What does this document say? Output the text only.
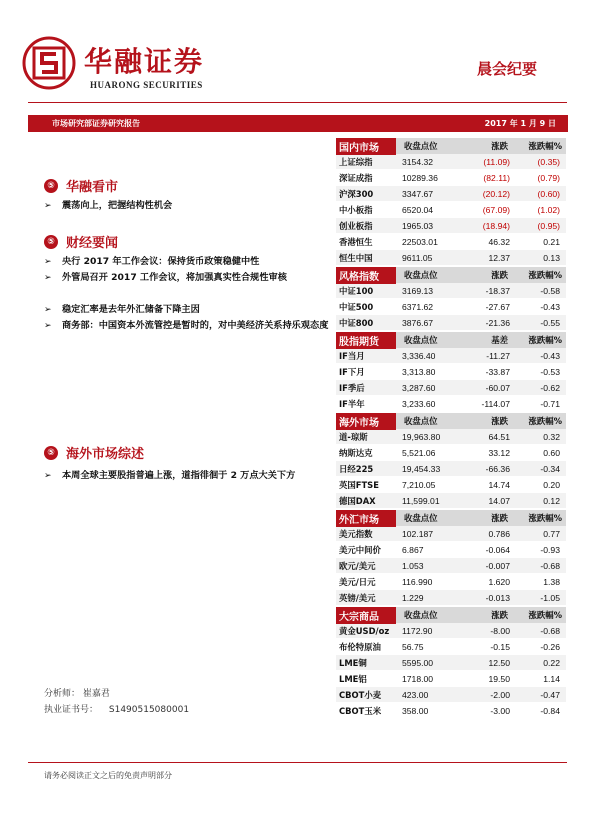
华融证券
HUARONG SECURITIES
晨会纪要
市场研究部证券研究报告	2017 年 1 月 9 日
⑤ 华融看市
➢ 震荡向上，把握结构性机会
⑤ 财经要闻
➢ 央行 2017 年工作会议：保持货币政策稳健中性
➢ 外管局召开 2017 工作会议，将加强真实性合规性审核
➢ 稳定汇率是去年外汇储备下降主因
➢ 商务部：中国资本外流管控是暂时的，对中美经济关系持乐观态度
⑤ 海外市场综述
➢ 本周全球主要股指普遍上涨，道指徘徊于 2 万点大关下方
分析师： 崔嘉君
执业证书号： S1490515080001
国内市场	收盘点位	涨跌	涨跌幅%
上证综指	3154.32	(11.09)	(0.35)
深证成指	10289.36	(82.11)	(0.79)
沪深300	3347.67	(20.12)	(0.60)
中小板指	6520.04	(67.09)	(1.02)
创业板指	1965.03	(18.94)	(0.95)
香港恒生	22503.01	46.32	0.21
恒生中国	9611.05	12.37	0.13
风格指数	收盘点位	涨跌	涨跌幅%
中证100	3169.13	-18.37	-0.58
中证500	6371.62	-27.67	-0.43
中证800	3876.67	-21.36	-0.55
股指期货	收盘点位	基差	涨跌幅%
IF当月	3,336.40	-11.27	-0.43
IF下月	3,313.80	-33.87	-0.53
IF季后	3,287.60	-60.07	-0.62
IF半年	3,233.60	-114.07	-0.71
海外市场	收盘点位	涨跌	涨跌幅%
道-琼斯	19,963.80	64.51	0.32
纳斯达克	5,521.06	33.12	0.60
日经225	19,454.33	-66.36	-0.34
英国FTSE	7,210.05	14.74	0.20
德国DAX	11,599.01	14.07	0.12
外汇市场	收盘点位	涨跌	涨跌幅%
美元指数	102.187	0.786	0.77
美元中间价	6.867	-0.064	-0.93
欧元/美元	1.053	-0.007	-0.68
美元/日元	116.990	1.620	1.38
英镑/美元	1.229	-0.013	-1.05
大宗商品	收盘点位	涨跌	涨跌幅%
黄金USD/oz	1172.90	-8.00	-0.68
布伦特原油	56.75	-0.15	-0.26
LME铜	5595.00	12.50	0.22
LME铝	1718.00	19.50	1.14
CBOT小麦	423.00	-2.00	-0.47
CBOT玉米	358.00	-3.00	-0.84
请务必阅读正文之后的免责声明部分
